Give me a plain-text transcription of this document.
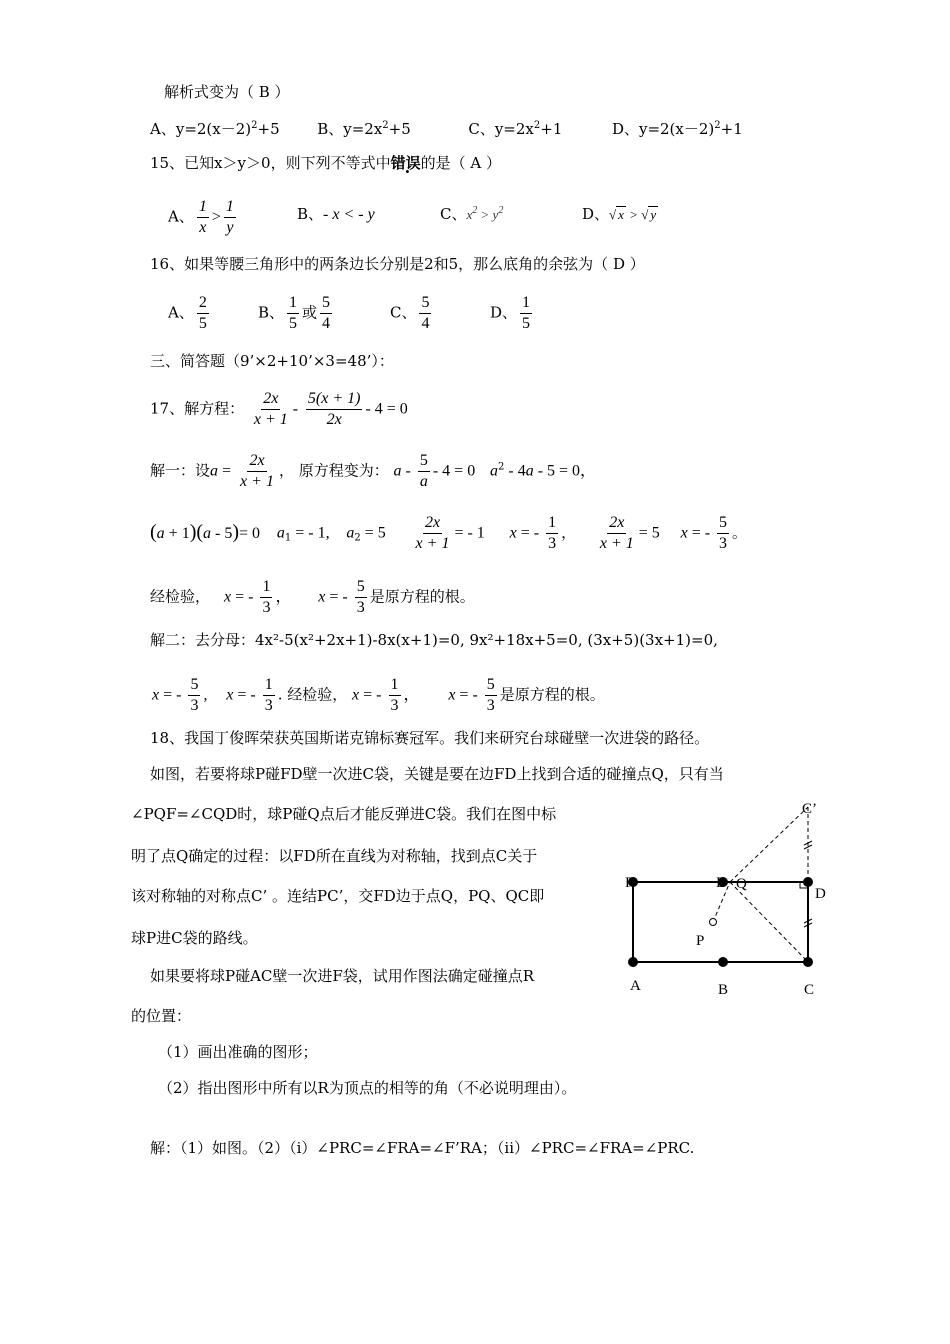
解析式变为（ B ）
A、$y=2(x-2)^2+5$	B、$y=2x^2+5$	C、$y=2x^2+1$	D、$y=2(x-2)^2+1$
15、已知x＞y＞0，则下列不等式中错误的是（ A ）
A、 $\frac{1}{x} > \frac{1}{y}$	B、- x < - y	C、$x^2 > y^2$	D、√ x > √ y
16、如果等腰三角形中的两条边长分别是2和5，那么底角的余弦为（ D ）
A、 $\frac{2}{5}$	B、 $\frac{1}{5}$ 或 $\frac{5}{4}$	C、 $\frac{5}{4}$	D、 $\frac{1}{5}$
三、简答题（9’×2+10’×3=48’）：
17、解方程： $\frac{2x}{x + 1} - \frac{5(x + 1)}{2x} - 4 = 0$
解一：设$a = \frac{2x}{x + 1}$ ， 原方程变为： $a - \frac{5}{a} - 4 = 0$ $a^2 - 4a - 5 = 0$，
(a + 1)(a - 5)= 0 $a_1$ = - 1, $a_2 = 5 \frac{2x}{x + 1}$ = - 1 x = - $\frac{1}{3}$ ， $\frac{2x}{x + 1} = 5$ x = - $\frac{5}{3}$ 。
经检验， x = - $\frac{1}{3}$ ， x = - $\frac{5}{3}$ 是原方程的根。
解二：去分母：4x²-5(x²+2x+1)-8x(x+1)=0, 9x²+18x+5=0, (3x+5)(3x+1)=0,
x = - $\frac{5}{3}$ , x = - $\frac{1}{3}$ . 经检验， x = - $\frac{1}{3}$ ， x = - $\frac{5}{3}$ 是原方程的根。
18、我国丁俊晖荣获英国斯诺克锦标赛冠军。我们来研究台球碰壁一次进袋的路径。
如图，若要将球P碰FD壁一次进C袋，关键是要在边FD上找到合适的碰撞点Q，只有当
∠PQF=∠CQD时，球P碰Q点后才能反弹进C袋。我们在图中标
明了点Q确定的过程：以FD所在直线为对称轴，找到点C关于
该对称轴的对称点C’ 。连结PC’，交FD边于点Q，PQ、QC即
球P进C袋的路线。
如果要将球P碰AC壁一次进F袋，试用作图法确定碰撞点R
的位置：
（1）画出准确的图形；
（2）指出图形中所有以R为顶点的相等的角（不必说明理由）。
解：（1）如图。（2）（i）∠PRC=∠FRA=∠F’RA；（ii）∠PRC=∠FRA=∠PRC.
C’
F	E Q
D
P
A	B	C
